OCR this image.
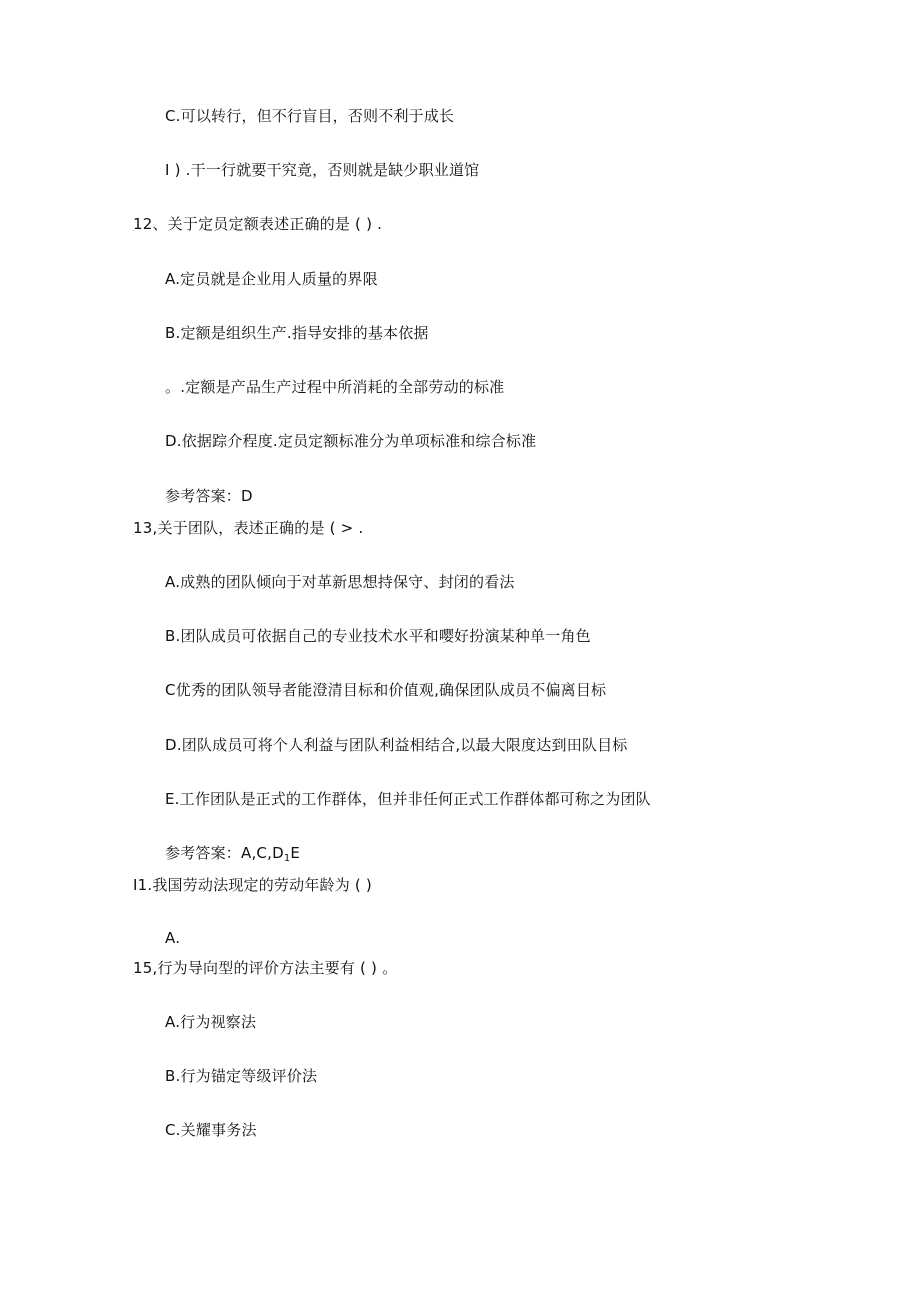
C.可以转行，但不行盲目，否则不利于成长
I ) .干一行就要干究竟，否则就是缺少职业道馆
12、关于定员定额表述正确的是 ( ) .
A.定员就是企业用人质量的界限
B.定额是组织生产.指导安排的基本依据
。.定额是产品生产过程中所消耗的全部劳动的标准
D.依据踪介程度.定员定额标准分为单项标准和综合标准
参考答案：D
13,关于团队，表述正确的是 ( > .
A.成熟的团队倾向于对革新思想持保守、封闭的看法
B.团队成员可依据自己的专业技术水平和嘤好扮演某种单一角色
C优秀的团队领导者能澄清目标和价值观,确保团队成员不偏离目标
D.团队成员可将个人利益与团队利益相结合,以最大限度达到田队目标
E.工作团队是正式的工作群体，但并非任何正式工作群体都可称之为团队
参考答案：$A,C,D_1E$
I1.我国劳动法现定的劳动年龄为 ( )
A.
15,行为导向型的评价方法主要有 ( ) 。
A.行为视察法
B.行为锚定等级评价法
C.关耀事务法
